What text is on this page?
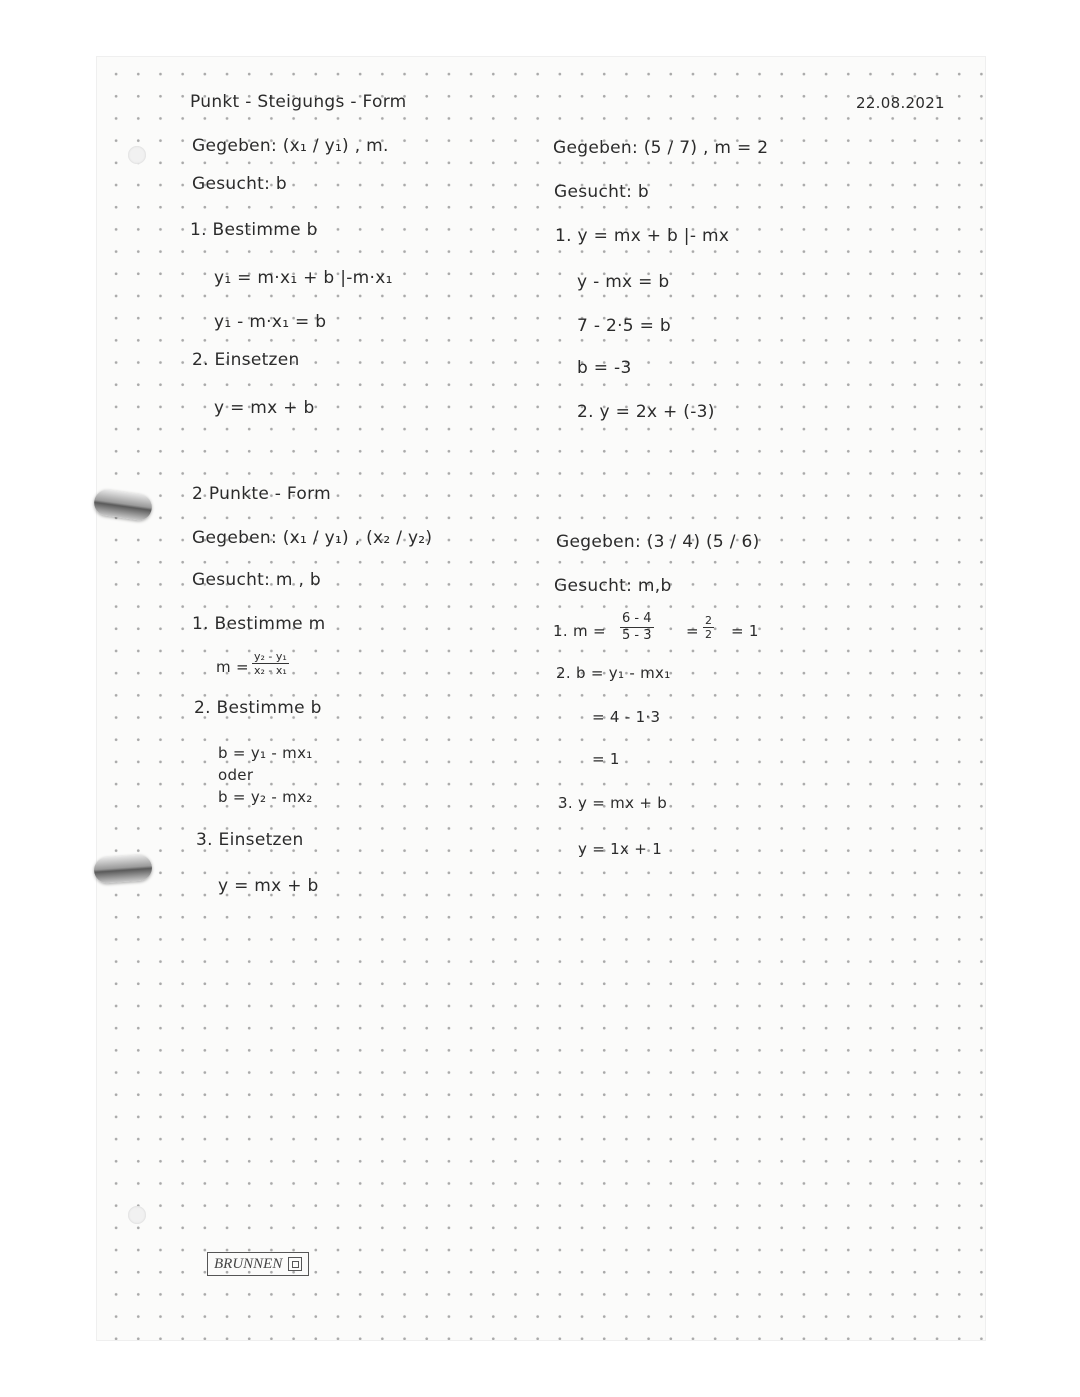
22.08.2021
Punkt - Steigungs - Form
Gegeben: (x₁ / y₁) , m.
Gesucht: b
1. Bestimme b
y₁ = m·x₁ + b |-m·x₁
y₁ - m·x₁ = b
2. Einsetzen
y = mx + b
Gegeben: (5 / 7) , m = 2
Gesucht: b
1. y = mx + b |- mx
y - mx = b
7 - 2·5 = b
b = -3
2. y = 2x + (-3)
2 Punkte - Form
Gegeben: (x₁ / y₁) , (x₂ / y₂)
Gesucht: m , b
1. Bestimme m
$m = \frac{\text{y₂ - y₁}}{\text{x₂ - x₁}}$
2. Bestimme b
b = y₁ - mx₁
oder
b = y₂ - mx₂
3. Einsetzen
y = mx + b
Gegeben: (3 / 4) (5 / 6)
Gesucht: m,b
1. $m = \frac{6 - 4}{5 - 3} = \frac{2}{2} = 1$
2. b = y₁ - mx₁
= 4 - 1·3
= 1
3. y = mx + b
y = 1x + 1
BRUNNEN
